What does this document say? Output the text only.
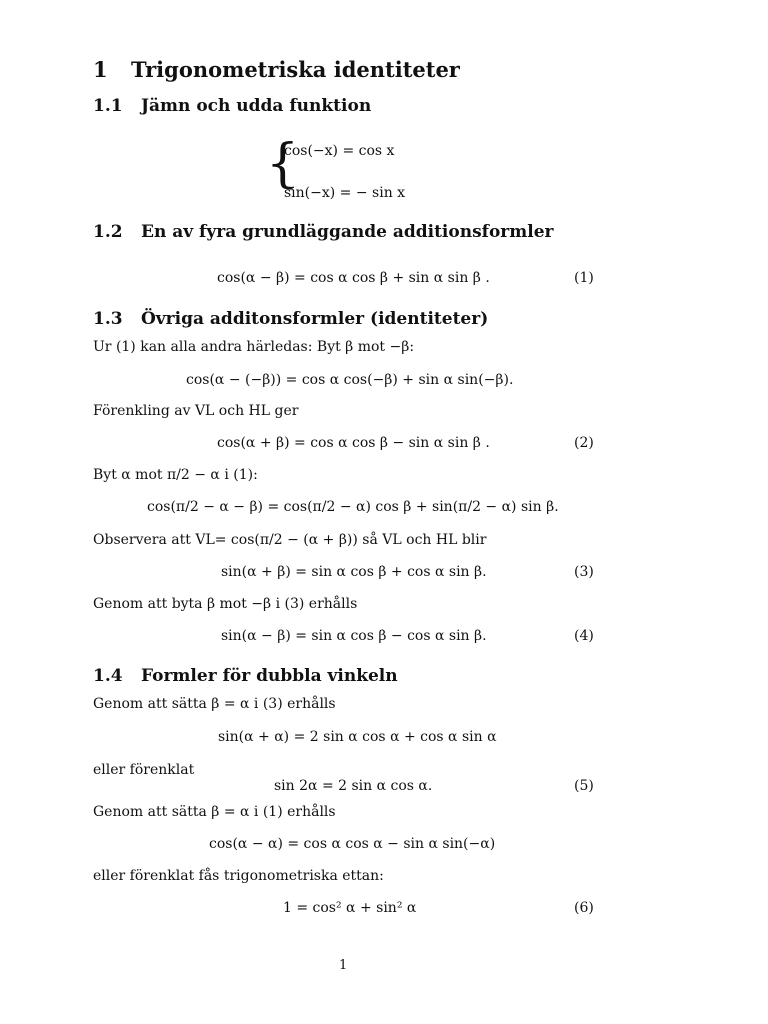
1 Trigonometriska identiteter
1.1 Jämn och udda funktion
{
cos(−x) = cos x
sin(−x) = − sin x
1.2 En av fyra grundläggande additionsformler
cos(α − β) = cos α cos β + sin α sin β .	(1)
1.3 Övriga additonsformler (identiteter)
Ur (1) kan alla andra härledas: Byt β mot −β:
cos(α − (−β)) = cos α cos(−β) + sin α sin(−β).
Förenkling av VL och HL ger
cos(α + β) = cos α cos β − sin α sin β .	(2)
Byt α mot π/2 − α i (1):
cos(π/2 − α − β) = cos(π/2 − α) cos β + sin(π/2 − α) sin β.
Observera att VL= cos(π/2 − (α + β)) så VL och HL blir
sin(α + β) = sin α cos β + cos α sin β.	(3)
Genom att byta β mot −β i (3) erhålls
sin(α − β) = sin α cos β − cos α sin β.	(4)
1.4 Formler för dubbla vinkeln
Genom att sätta β = α i (3) erhålls
sin(α + α) = 2 sin α cos α + cos α sin α
eller förenklat
sin 2α = 2 sin α cos α.	(5)
Genom att sätta β = α i (1) erhålls
cos(α − α) = cos α cos α − sin α sin(−α)
eller förenklat fås trigonometriska ettan:
1 = cos² α + sin² α	(6)
1
